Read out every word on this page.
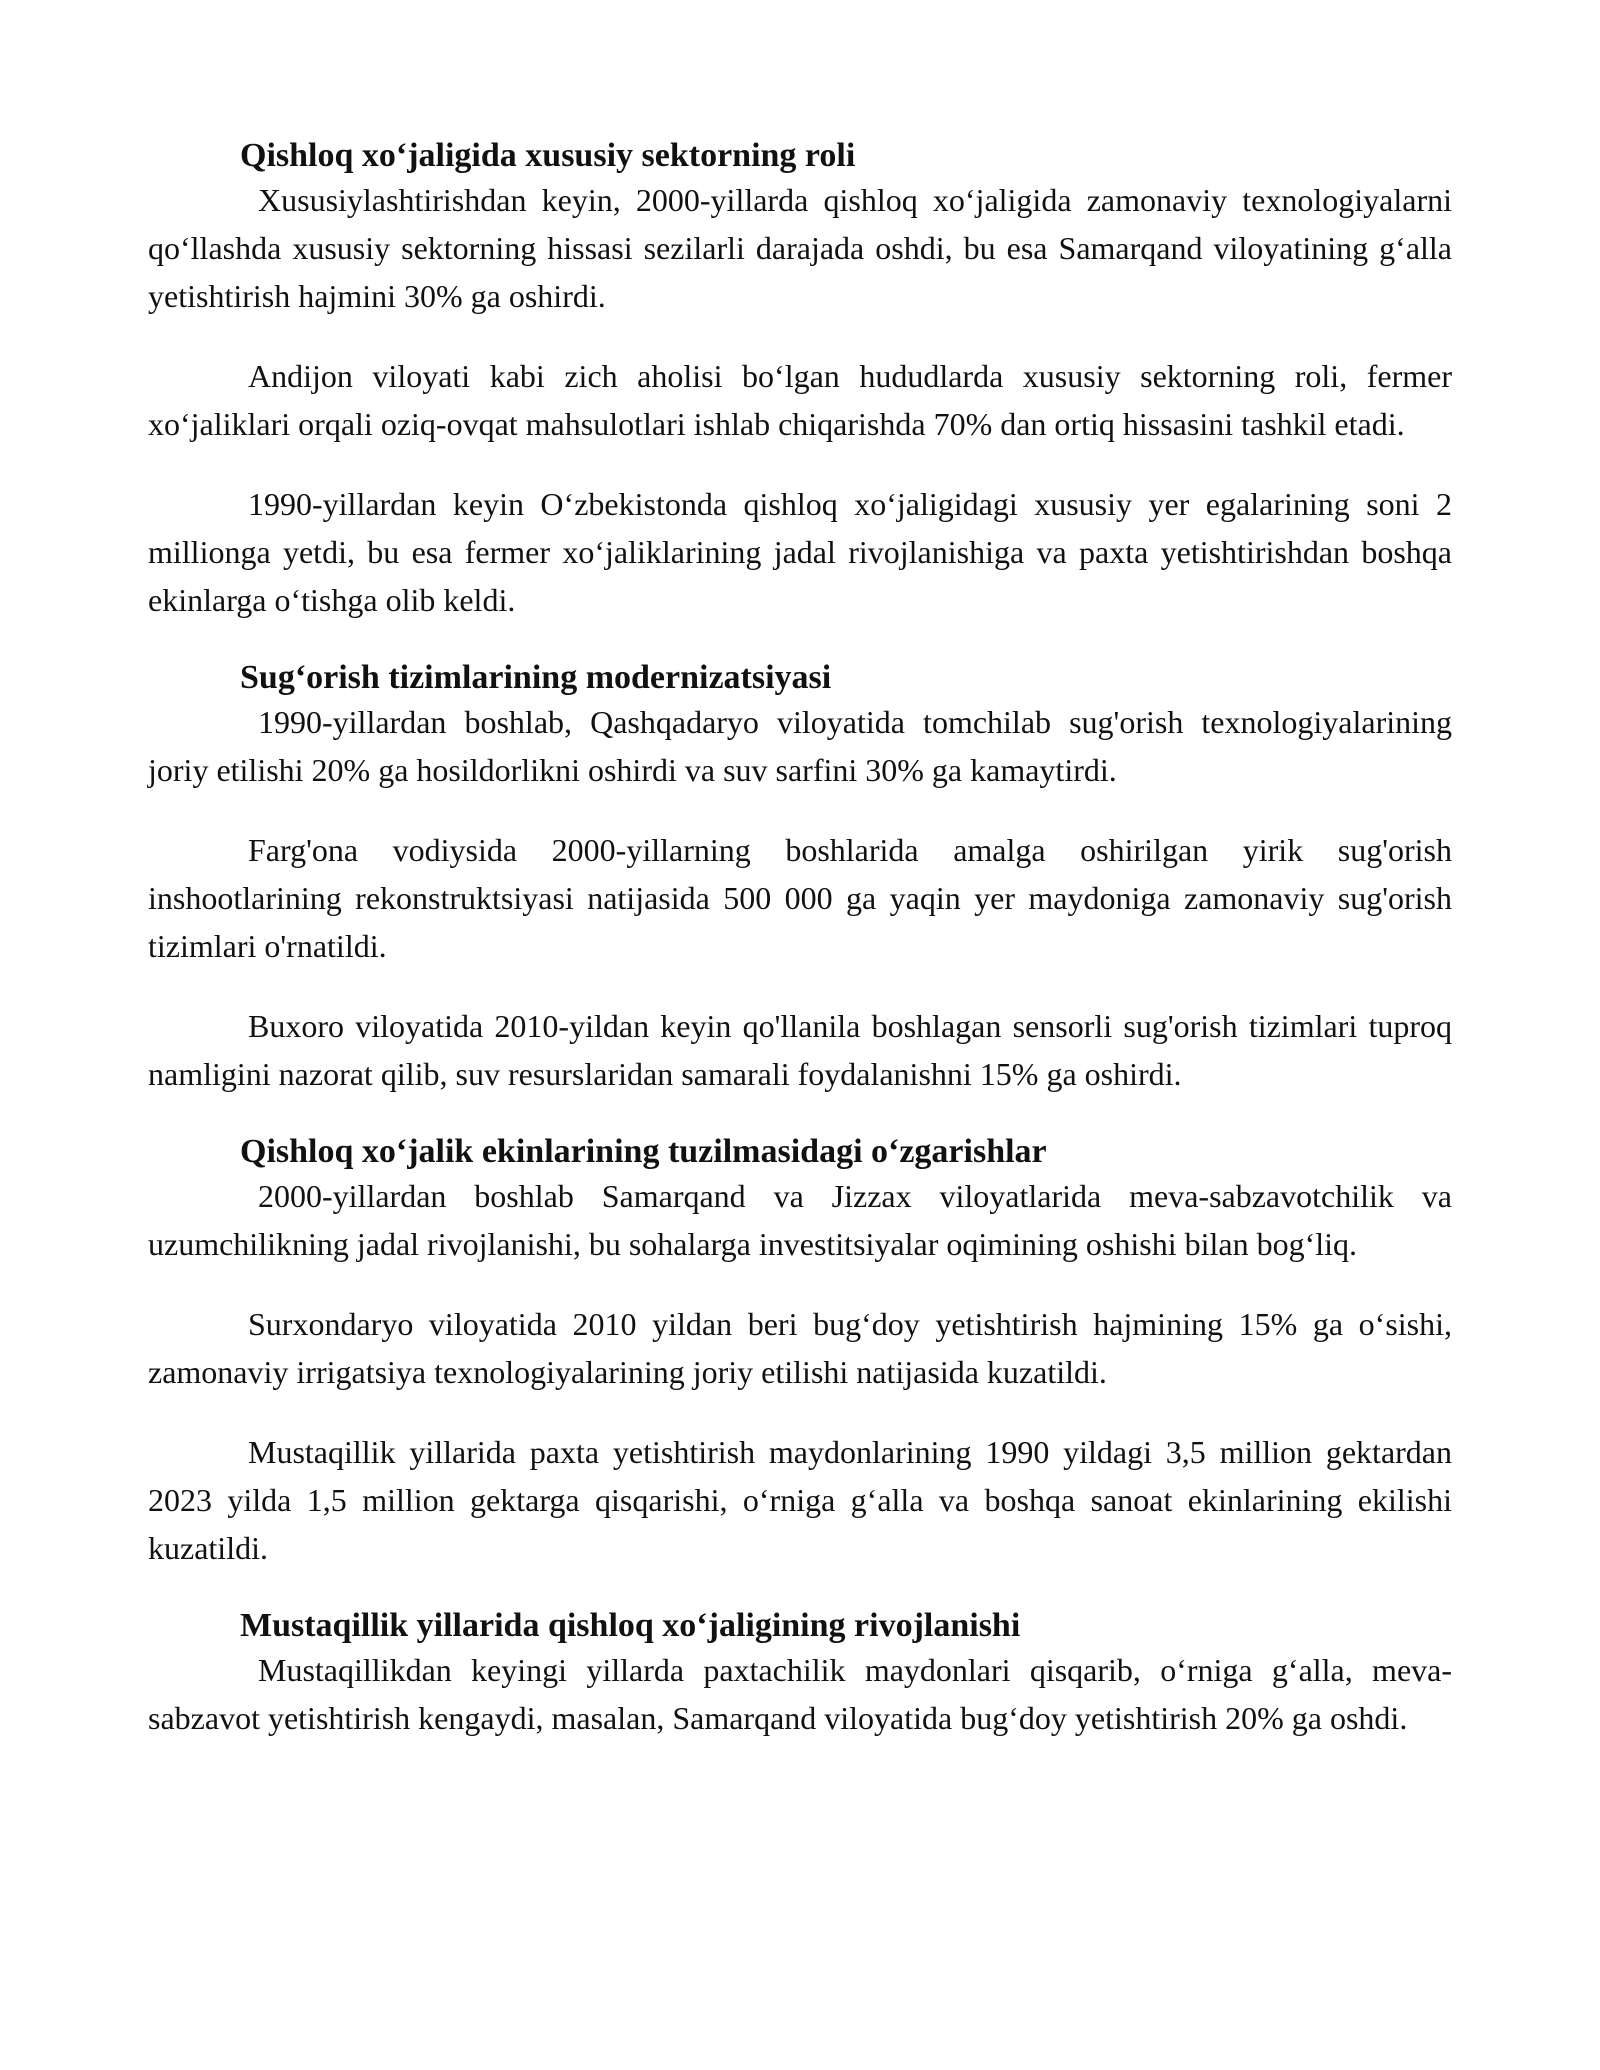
Qishloq xo‘jaligida xususiy sektorning roli

Xususiylashtirishdan keyin, 2000-yillarda qishloq xo‘jaligida zamonaviy texnologiyalarni qo‘llashda xususiy sektorning hissasi sezilarli darajada oshdi, bu esa Samarqand viloyatining g‘alla yetishtirish hajmini 30% ga oshirdi.

Andijon viloyati kabi zich aholisi bo‘lgan hududlarda xususiy sektorning roli, fermer xo‘jaliklari orqali oziq-ovqat mahsulotlari ishlab chiqarishda 70% dan ortiq hissasini tashkil etadi.

1990-yillardan keyin O‘zbekistonda qishloq xo‘jaligidagi xususiy yer egalarining soni 2 millionga yetdi, bu esa fermer xo‘jaliklarining jadal rivojlanishiga va paxta yetishtirishdan boshqa ekinlarga o‘tishga olib keldi.

Sug‘orish tizimlarining modernizatsiyasi

1990-yillardan boshlab, Qashqadaryo viloyatida tomchilab sug'orish texnologiyalarining joriy etilishi 20% ga hosildorlikni oshirdi va suv sarfini 30% ga kamaytirdi.

Farg'ona vodiysida 2000-yillarning boshlarida amalga oshirilgan yirik sug'orish inshootlarining rekonstruktsiyasi natijasida 500 000 ga yaqin yer maydoniga zamonaviy sug'orish tizimlari o'rnatildi.

Buxoro viloyatida 2010-yildan keyin qo'llanila boshlagan sensorli sug'orish tizimlari tuproq namligini nazorat qilib, suv resurslaridan samarali foydalanishni 15% ga oshirdi.

Qishloq xo‘jalik ekinlarining tuzilmasidagi o‘zgarishlar

2000-yillardan boshlab Samarqand va Jizzax viloyatlarida meva-sabzavotchilik va uzumchilikning jadal rivojlanishi, bu sohalarga investitsiyalar oqimining oshishi bilan bog‘liq.

Surxondaryo viloyatida 2010 yildan beri bug‘doy yetishtirish hajmining 15% ga o‘sishi, zamonaviy irrigatsiya texnologiyalarining joriy etilishi natijasida kuzatildi.

Mustaqillik yillarida paxta yetishtirish maydonlarining 1990 yildagi 3,5 million gektardan 2023 yilda 1,5 million gektarga qisqarishi, o‘rniga g‘alla va boshqa sanoat ekinlarining ekilishi kuzatildi.

Mustaqillik yillarida qishloq xo‘jaligining rivojlanishi

Mustaqillikdan keyingi yillarda paxtachilik maydonlari qisqarib, o‘rniga g‘alla, meva-sabzavot yetishtirish kengaydi, masalan, Samarqand viloyatida bug‘doy yetishtirish 20% ga oshdi.
